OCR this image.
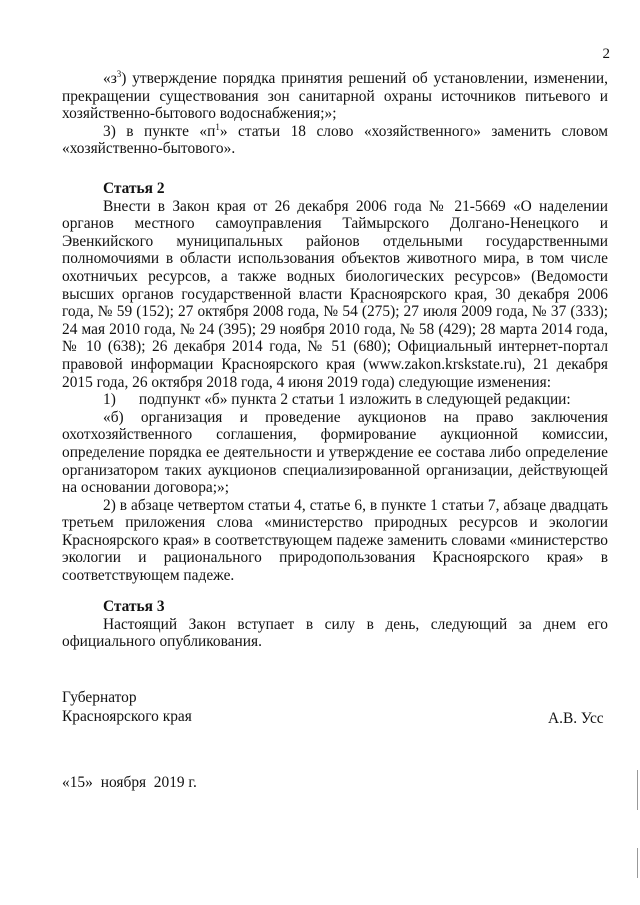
2

«$з^3$) утверждение порядка принятия решений об установлении, изменении, прекращении существования зон санитарной охраны источников питьевого и хозяйственно-бытового водоснабжения;»;

3) в пункте «$п^1$» статьи 18 слово «хозяйственного» заменить словом «хозяйственно-бытового».

Статья 2

Внести в Закон края от 26 декабря 2006 года № 21-5669 «О наделении органов местного самоуправления Таймырского Долгано-Ненецкого и Эвенкийского муниципальных районов отдельными государственными полномочиями в области использования объектов животного мира, в том числе охотничьих ресурсов, а также водных биологических ресурсов» (Ведомости высших органов государственной власти Красноярского края, 30 декабря 2006 года, № 59 (152); 27 октября 2008 года, № 54 (275); 27 июля 2009 года, № 37 (333); 24 мая 2010 года, № 24 (395); 29 ноября 2010 года, № 58 (429); 28 марта 2014 года, № 10 (638); 26 декабря 2014 года, № 51 (680); Официальный интернет-портал правовой информации Красноярского края (www.zakon.krskstate.ru), 21 декабря 2015 года, 26 октября 2018 года, 4 июня 2019 года) следующие изменения:

1)      подпункт «б» пункта 2 статьи 1 изложить в следующей редакции:

«б) организация и проведение аукционов на право заключения охотхозяйственного соглашения, формирование аукционной комиссии, определение порядка ее деятельности и утверждение ее состава либо определение организатором таких аукционов специализированной организации, действующей на основании договора;»;

2) в абзаце четвертом статьи 4, статье 6, в пункте 1 статьи 7, абзаце двадцать третьем приложения слова «министерство природных ресурсов и экологии Красноярского края» в соответствующем падеже заменить словами «министерство экологии и рационального природопользования Красноярского края» в соответствующем падеже.

Статья 3

Настоящий Закон вступает в силу в день, следующий за днем его официального опубликования.

Губернатор
Красноярского края	А.В. Усс
«15» ноября  2019 г.
